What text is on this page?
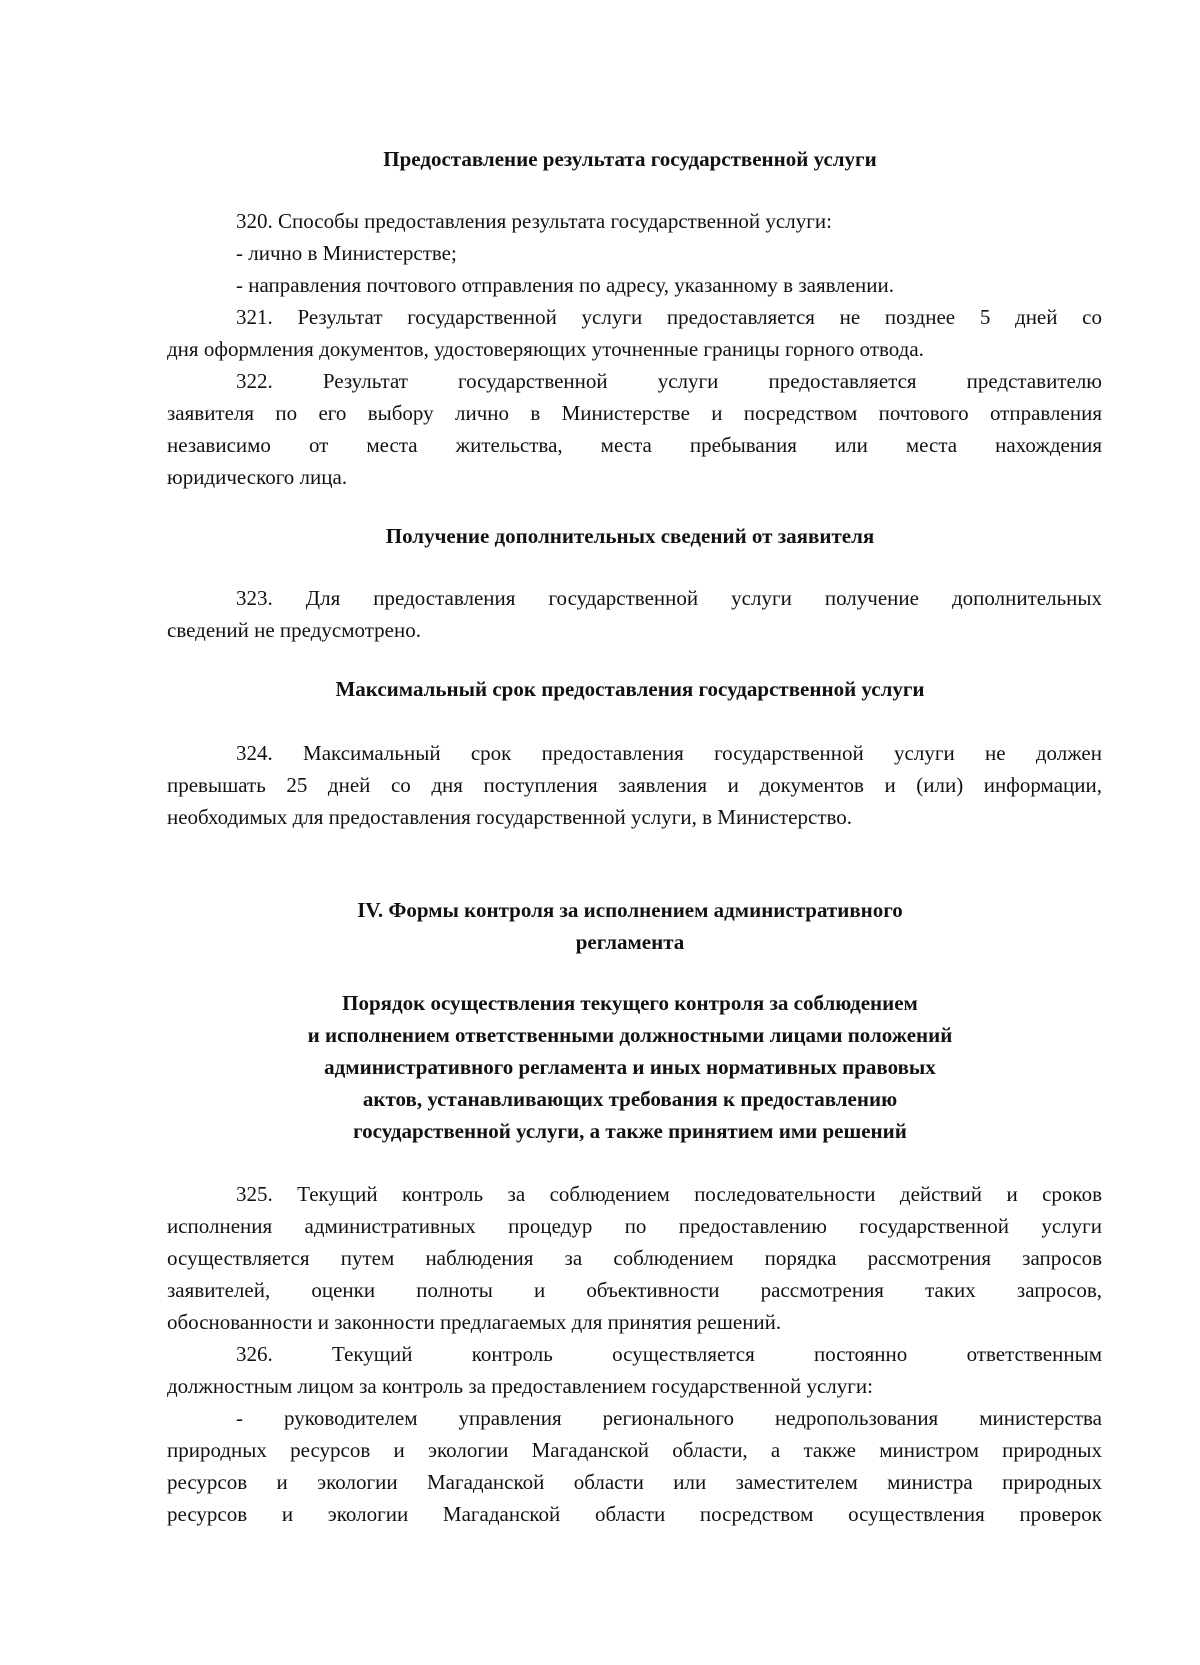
Предоставление результата государственной услуги

320. Способы предоставления результата государственной услуги:

- лично в Министерстве;

- направления почтового отправления по адресу, указанному в заявлении.

321. Результат государственной услуги предоставляется не позднее 5 дней со

дня оформления документов, удостоверяющих уточненные границы горного отвода.

322. Результат государственной услуги предоставляется представителю

заявителя по его выбору лично в Министерстве и посредством почтового отправления

независимо от места жительства, места пребывания или места нахождения

юридического лица.

Получение дополнительных сведений от заявителя

323. Для предоставления государственной услуги получение дополнительных

сведений не предусмотрено.

Максимальный срок предоставления государственной услуги

324. Максимальный срок предоставления государственной услуги не должен

превышать 25 дней со дня поступления заявления и документов и (или) информации,

необходимых для предоставления государственной услуги, в Министерство.

IV. Формы контроля за исполнением административного

регламента

Порядок осуществления текущего контроля за соблюдением

и исполнением ответственными должностными лицами положений

административного регламента и иных нормативных правовых

актов, устанавливающих требования к предоставлению

государственной услуги, а также принятием ими решений

325. Текущий контроль за соблюдением последовательности действий и сроков

исполнения административных процедур по предоставлению государственной услуги

осуществляется путем наблюдения за соблюдением порядка рассмотрения запросов

заявителей, оценки полноты и объективности рассмотрения таких запросов,

обоснованности и законности предлагаемых для принятия решений.

326. Текущий контроль осуществляется постоянно ответственным

должностным лицом за контроль за предоставлением государственной услуги:

- руководителем управления регионального недропользования министерства

природных ресурсов и экологии Магаданской области, а также министром природных

ресурсов и экологии Магаданской области или заместителем министра природных

ресурсов и экологии Магаданской области посредством осуществления проверок
